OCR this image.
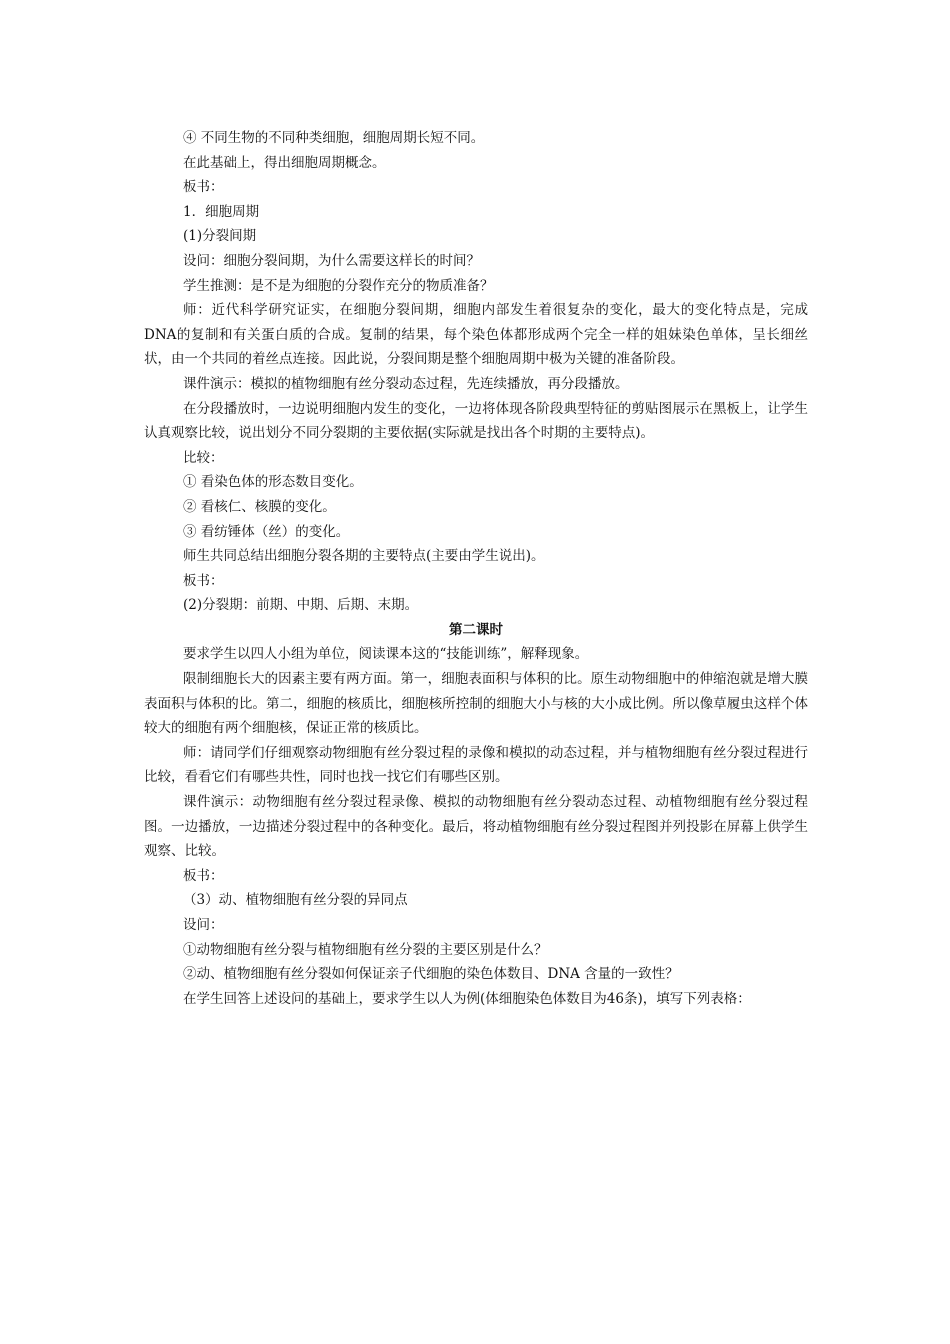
④ 不同生物的不同种类细胞，细胞周期长短不同。

在此基础上，得出细胞周期概念。

板书：

1．细胞周期

(1)分裂间期

设问：细胞分裂间期，为什么需要这样长的时间？

学生推测：是不是为细胞的分裂作充分的物质准备？

师：近代科学研究证实，在细胞分裂间期，细胞内部发生着很复杂的变化，最大的变化特点是，完成DNA的复制和有关蛋白质的合成。复制的结果，每个染色体都形成两个完全一样的姐妹染色单体，呈长细丝状，由一个共同的着丝点连接。因此说，分裂间期是整个细胞周期中极为关键的准备阶段。

课件演示：模拟的植物细胞有丝分裂动态过程，先连续播放，再分段播放。

在分段播放时，一边说明细胞内发生的变化，一边将体现各阶段典型特征的剪贴图展示在黑板上，让学生认真观察比较，说出划分不同分裂期的主要依据(实际就是找出各个时期的主要特点)。

比较：

① 看染色体的形态数目变化。

② 看核仁、核膜的变化。

③ 看纺锤体（丝）的变化。

师生共同总结出细胞分裂各期的主要特点(主要由学生说出)。

板书：

(2)分裂期：前期、中期、后期、末期。

第二课时

要求学生以四人小组为单位，阅读课本这的“技能训练”，解释现象。

限制细胞长大的因素主要有两方面。第一，细胞表面积与体积的比。原生动物细胞中的伸缩泡就是增大膜表面积与体积的比。第二，细胞的核质比，细胞核所控制的细胞大小与核的大小成比例。所以像草履虫这样个体较大的细胞有两个细胞核，保证正常的核质比。

师：请同学们仔细观察动物细胞有丝分裂过程的录像和模拟的动态过程，并与植物细胞有丝分裂过程进行比较，看看它们有哪些共性，同时也找一找它们有哪些区别。

课件演示：动物细胞有丝分裂过程录像、模拟的动物细胞有丝分裂动态过程、动植物细胞有丝分裂过程图。一边播放，一边描述分裂过程中的各种变化。最后，将动植物细胞有丝分裂过程图并列投影在屏幕上供学生观察、比较。

板书：

（3）动、植物细胞有丝分裂的异同点

设问：

①动物细胞有丝分裂与植物细胞有丝分裂的主要区别是什么？

②动、植物细胞有丝分裂如何保证亲子代细胞的染色体数目、DNA 含量的一致性？

在学生回答上述设问的基础上，要求学生以人为例(体细胞染色体数目为46条)，填写下列表格：
